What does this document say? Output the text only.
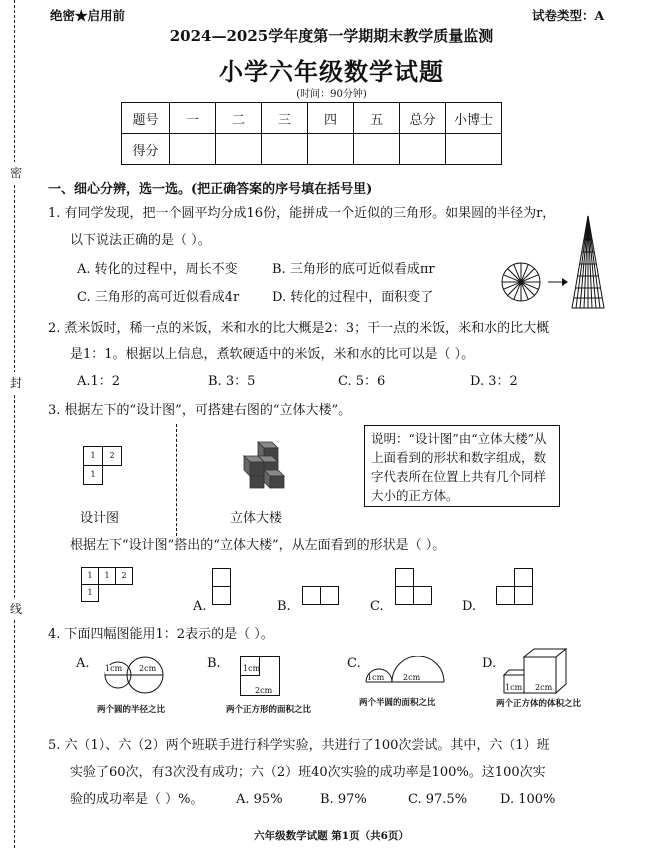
密
封
线
绝密★启用前	试卷类型：A
2024—2025学年度第一学期期末教学质量监测
小学六年级数学试题
(时间：90分钟)
题号	一	二	三	四	五	总分	小博士
得分							
一、细心分辨，选一选。(把正确答案的序号填在括号里)
1. 有同学发现，把一个圆平均分成16份，能拼成一个近似的三角形。如果圆的半径为r，
以下说法正确的是（ ）。
A. 转化的过程中，周长不变	B. 三角形的底可近似看成πr
C. 三角形的高可近似看成4r	D. 转化的过程中，面积变了
2. 煮米饭时，稀一点的米饭，米和水的比大概是2：3；干一点的米饭，米和水的比大概
是1：1。根据以上信息，煮软硬适中的米饭，米和水的比可以是（ ）。
A.1：2	B. 3：5	C. 5：6	D. 3：2
3. 根据左下的“设计图”，可搭建右图的“立体大楼”。
说明：“设计图”由“立体大楼”从上面看到的形状和数字组成，数字代表所在位置上共有几个同样大小的正方体。
1	2
1
设计图	立体大楼
根据左下“设计图”搭出的“立体大楼”，从左面看到的形状是（ ）。
1	1	2
1
A.	B.	C.	D.
4. 下面四幅图能用1：2表示的是（ ）。
A. 1cm 2cm
两个圆的半径之比
B.	1cm
2cm
两个正方形的面积之比
C.
1cm 2cm
两个半圆的面积之比
D.
1cm 2cm
两个正方体的体积之比
5. 六（1）、六（2）两个班联手进行科学实验，共进行了100次尝试。其中，六（1）班
实验了60次，有3次没有成功；六（2）班40次实验的成功率是100%。这100次实
验的成功率是（ ）%。	A. 95%	B. 97%	C. 97.5%	D. 100%
六年级数学试题 第1页（共6页）
